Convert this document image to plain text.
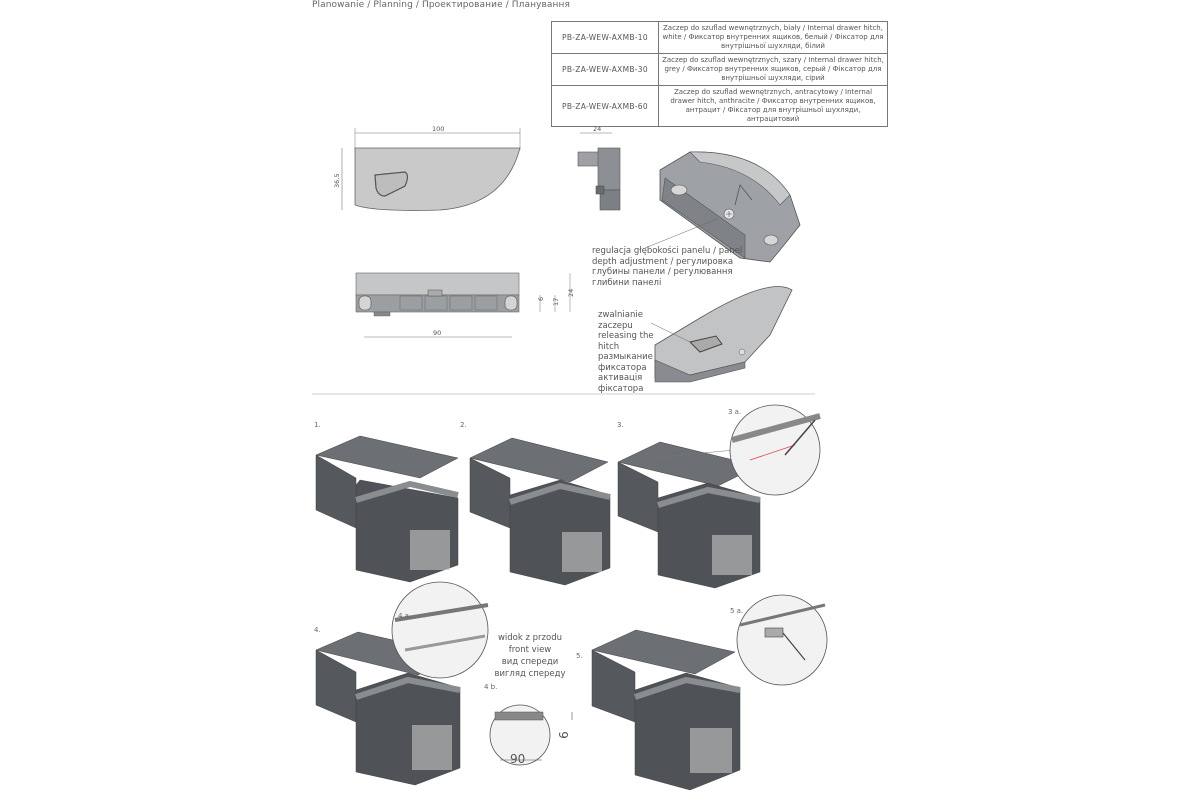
Planowanie / Planning / Проектирование / Планування
PB-ZA-WEW-AXMB-10	Zaczep do szuflad wewnętrznych, biały / Internal drawer hitch, white / Фиксатор внутренних ящиков, белый / Фіксатор для внутрішньої шухляди, білий
PB-ZA-WEW-AXMB-30	Zaczep do szuflad wewnętrznych, szary / Internal drawer hitch, grey / Фиксатор внутренних ящиков, серый / Фіксатор для внутрішньої шухляди, сірий
PB-ZA-WEW-AXMB-60	Zaczep do szuflad wewnętrznych, antracytowy / Internal drawer hitch, anthracite / Фиксатор внутренних ящиков, антрацит / Фіксатор для внутрішньої шухляди, антрацитовий
100
36,5
24
6 17
24
90
regulacja głębokości panelu / panel depth adjustment / регулировка глубины панели / регулювання глибини панелі
zwalnianie
zaczepu
releasing the
hitch
размыкание
фиксатора
активація
фіксатора
widok z przodu
front view
вид спереди
вигляд спереду
90
6
1.	2.	3.
3 a.
4.
4 a.
4 b.
5.
5 a.
